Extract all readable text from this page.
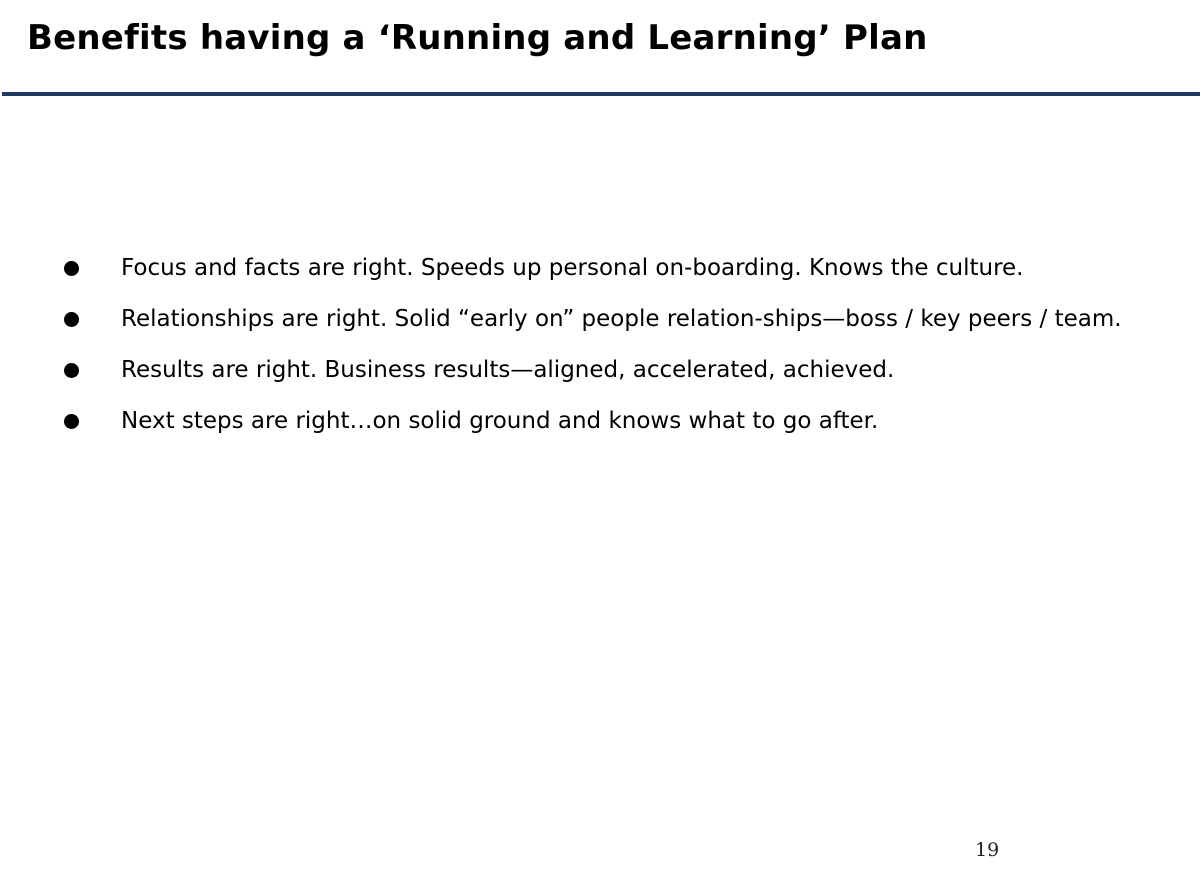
Benefits having a ‘Running and Learning’ Plan
Focus and facts are right. Speeds up personal on-boarding. Knows the culture.
Relationships are right. Solid “early on” people relation-ships—boss / key peers / team.
Results are right. Business results—aligned, accelerated, achieved.
Next steps are right…on solid ground and knows what to go after.
19
